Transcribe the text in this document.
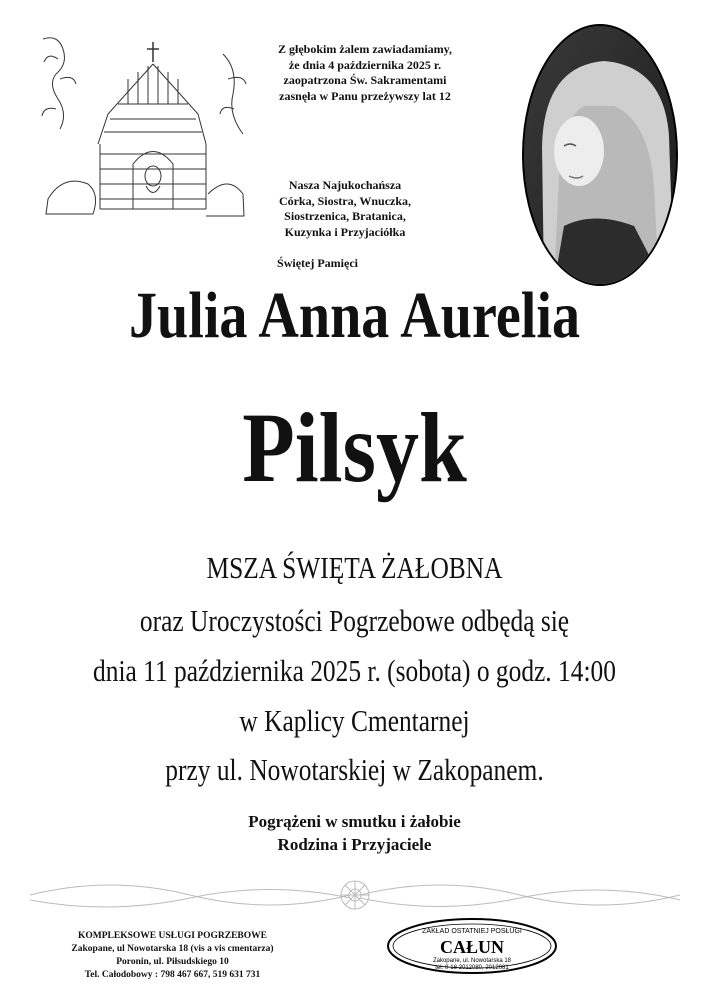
Z głębokim żalem zawiadamiamy,
że dnia 4 października 2025 r.
zaopatrzona Św. Sakramentami
zasnęła w Panu przeżywszy lat 12
Nasza Najukochańsza
Córka, Siostra, Wnuczka,
Siostrzenica, Bratanica,
Kuzynka i Przyjaciółka
Świętej Pamięci
Julia Anna Aurelia
Pilsyk
MSZA ŚWIĘTA ŻAŁOBNA
oraz Uroczystości Pogrzebowe odbędą się
dnia 11 października 2025 r. (sobota) o godz. 14:00
w Kaplicy Cmentarnej
przy ul. Nowotarskiej w Zakopanem.
Pogrążeni w smutku i żałobie
Rodzina i Przyjaciele
KOMPLEKSOWE USŁUGI POGRZEBOWE
Zakopane, ul Nowotarska 18 (vis a vis cmentarza)
Poronin, ul. Piłsudskiego 10
Tel. Całodobowy : 798 467 667, 519 631 731
ZAKŁAD OSTATNIEJ POSŁUGI
CAŁUN
Zakopane, ul. Nowotarska 18
tel. 0-18 2012080, 2012081
